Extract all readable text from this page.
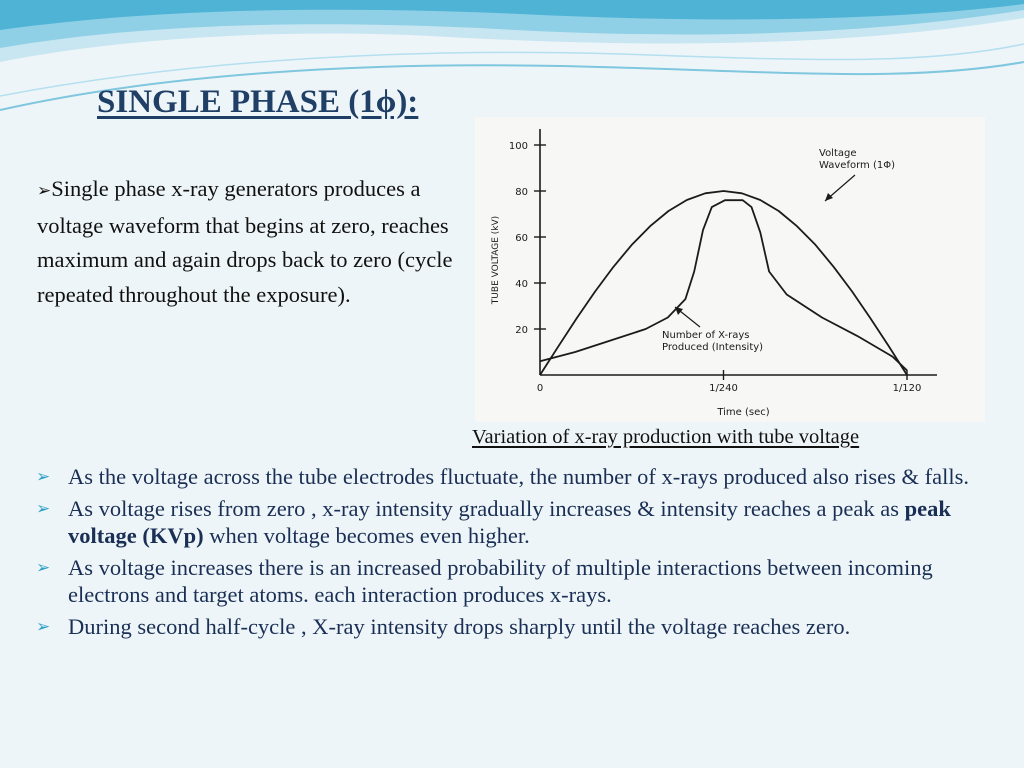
SINGLE PHASE (1ϕ):
➢Single phase x-ray generators produces a voltage waveform that begins at zero, reaches maximum and again drops back to zero (cycle repeated throughout the exposure).
20
40
60
80
100
0	1/240	1/120
Time (sec)
TUBE VOLTAGE (kV)
Voltage
Waveform (1Φ)
Number of X-rays
Produced (Intensity)
Variation of x-ray production with tube voltage
➢ As the voltage across the tube electrodes fluctuate, the number of x-rays produced also rises & falls.
➢ As voltage rises from zero , x-ray intensity gradually increases & intensity reaches a peak as peak voltage (KVp) when voltage becomes even higher.
➢ As voltage increases there is an increased probability of multiple interactions between incoming electrons and target atoms. each interaction produces x-rays.
➢ During second half-cycle , X-ray intensity drops sharply until the voltage reaches zero.
